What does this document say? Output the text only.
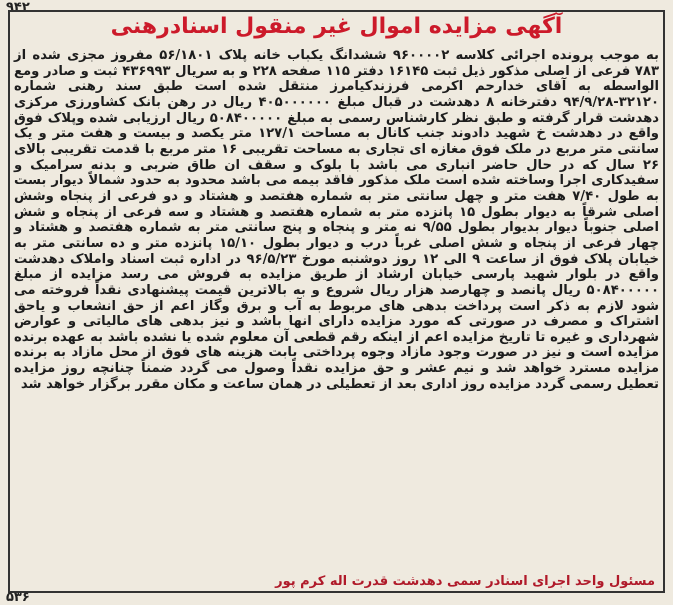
۹۴۲
آگهی مزایده اموال غیر منقول اسنادرهنی
به موجب پرونده اجرائی کلاسه ۹۶۰۰۰۰۲ ششدانگ یکباب خانه پلاک ۵۶/۱۸۰۱ مفروز مجزی شده از ۷۸۳ فرعی از اصلی مذکور ذیل ثبت ۱۶۱۴۵ دفتر ۱۱۵ صفحه ۲۲۸ و به سریال ۴۳۶۹۹۳ ثبت و صادر ومع الواسطه به آقای خدارحم اکرمی فرزندکیامرز منتقل شده است طبق سند رهنی شماره ۳۲۱۲۰-۹۴/۹/۲۸ دفترخانه ۸ دهدشت در قبال مبلغ ۴۰۵۰۰۰۰۰۰ ریال در رهن بانک کشاورزی مرکزی دهدشت قرار گرفته و طبق نظر کارشناس رسمی به مبلغ ۵۰۸۴۰۰۰۰۰ ریال ارزیابی شده وپلاک فوق واقع در دهدشت خ شهید دادوند جنب کانال به مساحت ۱۲۷/۱ متر یکصد و بیست و هفت متر و یک سانتی متر مربع در ملک فوق مغازه ای تجاری به مساحت تقریبی ۱۶ متر مربع با قدمت تقریبی بالای ۲۶ سال که در حال حاضر انباری می باشد با بلوک و سقف ان طاق ضربی و بدنه سرامیک و سفیدکاری اجرا وساخته شده است ملک مذکور فاقد بیمه می باشد محدود به حدود شمالاً دیوار بست به طول ۷/۴۰ هفت متر و چهل سانتی متر به شماره هفتصد و هشتاد و دو فرعی از پنجاه وشش اصلی شرقاً به دیوار بطول ۱۵ پانزده متر به شماره هفتصد و هشتاد و سه فرعی از پنجاه و شش اصلی جنوباً دیوار بدیوار بطول ۹/۵۵ نه متر و پنجاه و پنج سانتی متر به شماره هفتصد و هشتاد و چهار فرعی از پنجاه و شش اصلی غرباً درب و دیوار بطول ۱۵/۱۰ پانزده متر و ده سانتی متر به خیابان پلاک فوق از ساعت ۹ الی ۱۲ روز دوشنبه مورخ ۹۶/۵/۲۳ در اداره ثبت اسناد واملاک دهدشت واقع در بلوار شهید پارسی خیابان ارشاد از طریق مزایده به فروش می رسد مزایده از مبلغ ۵۰۸۴۰۰۰۰۰ ریال پانصد و چهارصد هزار ریال شروع و به بالاترین قیمت پیشنهادی نقداً فروخته می شود لازم به ذکر است پرداخت بدهی های مربوط به آب و برق وگاز اعم از حق انشعاب و یاحق اشتراک و مصرف در صورتی که مورد مزایده دارای انها باشد و نیز بدهی های مالیاتی و عوارض شهرداری و غیره تا تاریخ مزایده اعم از اینکه رقم قطعی آن معلوم شده یا نشده باشد به عهده برنده مزایده است و نیز در صورت وجود مازاد وجوه پرداختی بابت هزینه های فوق از محل مازاد به برنده مزایده مسترد خواهد شد و نیم عشر و حق مزایده نقداً وصول می گردد ضمناً چنانچه روز مزایده تعطیل رسمی گردد مزایده روز اداری بعد از تعطیلی در همان ساعت و مکان مقرر برگزار خواهد شد
مسئول واحد اجرای اسنادر سمی دهدشت قدرت اله کرم پور
۵۳۶
